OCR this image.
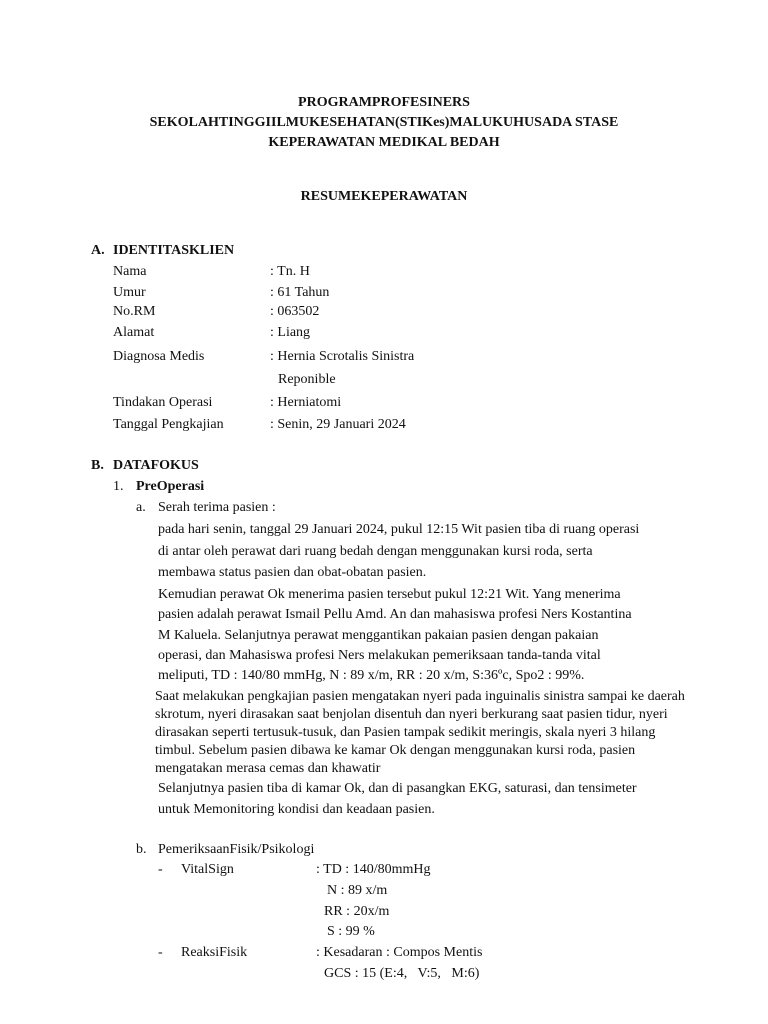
PROGRAMPROFESINERS
SEKOLAHTINGGIILMUKESEHATAN(STIKes)MALUKUHUSADA STASE
KEPERAWATAN MEDIKAL BEDAH
RESUMEKEPERAWATAN
A. IDENTITASKLIEN
Nama	: Tn. H
Umur	: 61 Tahun
No.RM	: 063502
Alamat	: Liang
Diagnosa Medis	: Hernia Scrotalis Sinistra
Reponible
Tindakan Operasi	: Herniatomi
Tanggal Pengkajian	: Senin, 29 Januari 2024
B. DATAFOKUS
1. PreOperasi
a. Serah terima pasien :
pada hari senin, tanggal 29 Januari 2024, pukul 12:15 Wit pasien tiba di ruang operasi
di antar oleh perawat dari ruang bedah dengan menggunakan kursi roda, serta
membawa status pasien dan obat-obatan pasien.
Kemudian perawat Ok menerima pasien tersebut pukul 12:21 Wit. Yang menerima
pasien adalah perawat Ismail Pellu Amd. An dan mahasiswa profesi Ners Kostantina
M Kaluela. Selanjutnya perawat menggantikan pakaian pasien dengan pakaian
operasi, dan Mahasiswa profesi Ners melakukan pemeriksaan tanda-tanda vital
meliputi, TD : 140/80 mmHg, N : 89 x/m, RR : 20 x/m, S:36ºc, Spo2 : 99%.
Saat melakukan pengkajian pasien mengatakan nyeri pada inguinalis sinistra sampai ke daerah
skrotum, nyeri dirasakan saat benjolan disentuh dan nyeri berkurang saat pasien tidur, nyeri
dirasakan seperti tertusuk-tusuk, dan Pasien tampak sedikit meringis, skala nyeri 3 hilang
timbul. Sebelum pasien dibawa ke kamar Ok dengan menggunakan kursi roda, pasien
mengatakan merasa cemas dan khawatir
Selanjutnya pasien tiba di kamar Ok, dan di pasangkan EKG, saturasi, dan tensimeter
untuk Memonitoring kondisi dan keadaan pasien.
b. PemeriksaanFisik/Psikologi
- VitalSign	: TD : 140/80mmHg
N : 89 x/m
RR : 20x/m
S : 99 %
- ReaksiFisik	: Kesadaran : Compos Mentis
GCS : 15 (E:4,   V:5,   M:6)
